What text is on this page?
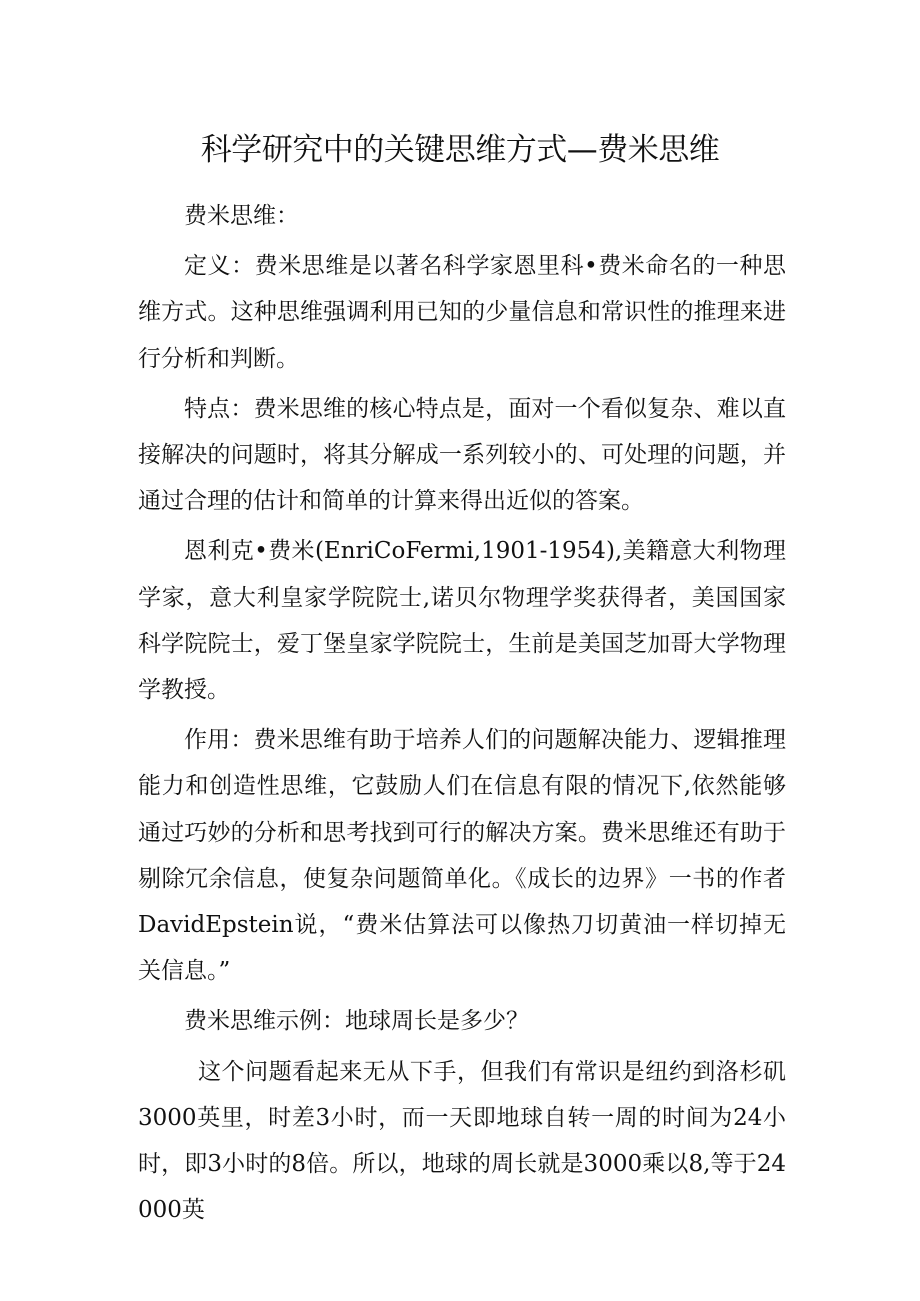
科学研究中的关键思维方式—费米思维

费米思维：

定义：费米思维是以著名科学家恩里科•费米命名的一种思维方式。这种思维强调利用已知的少量信息和常识性的推理来进行分析和判断。

特点：费米思维的核心特点是，面对一个看似复杂、难以直接解决的问题时，将其分解成一系列较小的、可处理的问题，并通过合理的估计和简单的计算来得出近似的答案。

恩利克•费米(EnriCoFermi,1901-1954),美籍意大利物理学家，意大利皇家学院院士,诺贝尔物理学奖获得者，美国国家科学院院士，爱丁堡皇家学院院士，生前是美国芝加哥大学物理学教授。

作用：费米思维有助于培养人们的问题解决能力、逻辑推理能力和创造性思维，它鼓励人们在信息有限的情况下,依然能够通过巧妙的分析和思考找到可行的解决方案。费米思维还有助于剔除冗余信息，使复杂问题简单化。《成长的边界》一书的作者DavidEpstein说，“费米估算法可以像热刀切黄油一样切掉无关信息。”

费米思维示例：地球周长是多少？

这个问题看起来无从下手，但我们有常识是纽约到洛杉矶3000英里，时差3小时，而一天即地球自转一周的时间为24小时，即3小时的8倍。所以，地球的周长就是3000乘以8,等于24000英
